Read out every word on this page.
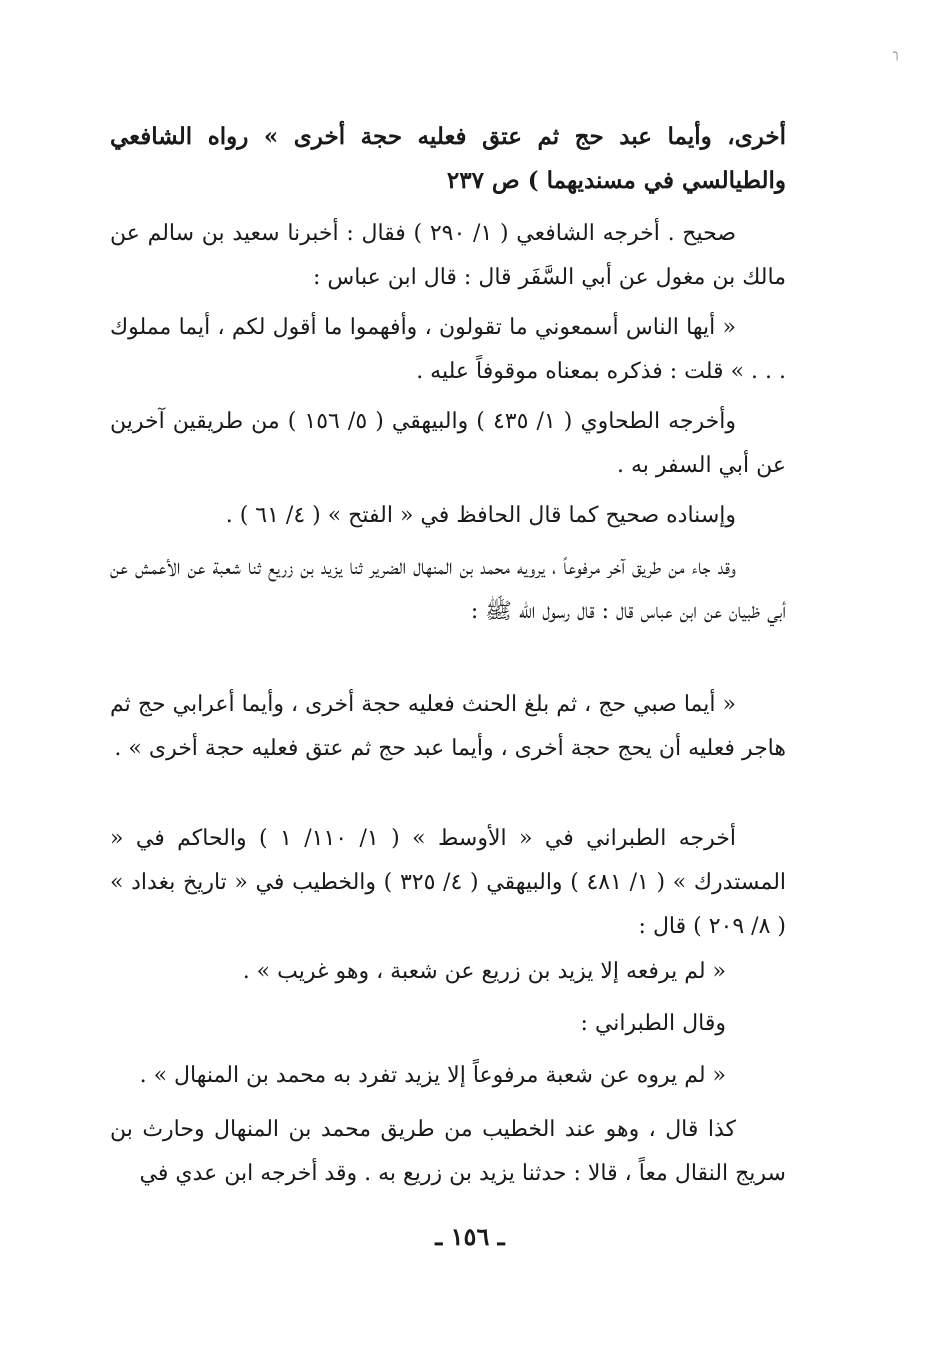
أخرى، وأيما عبد حج ثم عتق فعليه حجة أخرى » رواه الشافعي والطيالسي في مسنديهما ) ص ٢٣٧

صحيح . أخرجه الشافعي ( ١/ ٢٩٠ ) فقال : أخبرنا سعيد بن سالم عن مالك بن مغول عن أبي السَّفَر قال : قال ابن عباس :

« أيها الناس أسمعوني ما تقولون ، وأفهموا ما أقول لكم ، أيما مملوك . . . » قلت : فذكره بمعناه موقوفاً عليه .

وأخرجه الطحاوي ( ١/ ٤٣٥ ) والبيهقي ( ٥/ ١٥٦ ) من طريقين آخرين عن أبي السفر به .

وإسناده صحيح كما قال الحافظ في « الفتح » ( ٤/ ٦١ ) .

وقد جاء من طريق آخر مرفوعاً ، يرويه محمد بن المنهال الضرير ثنا يزيد بن زريع ثنا شعبة عن الأعمش عن أبي ظبيان عن ابن عباس قال : قال رسول الله ﷺ :

« أيما صبي حج ، ثم بلغ الحنث فعليه حجة أخرى ، وأيما أعرابي حج ثم هاجر فعليه أن يحج حجة أخرى ، وأيما عبد حج ثم عتق فعليه حجة أخرى » .

أخرجه الطبراني في « الأوسط » ( ١/ ١١٠/ ١ ) والحاكم في « المستدرك » ( ١/ ٤٨١ ) والبيهقي ( ٤/ ٣٢٥ ) والخطيب في « تاريخ بغداد » ( ٨/ ٢٠٩ ) قال :

« لم يرفعه إلا يزيد بن زريع عن شعبة ، وهو غريب » .

وقال الطبراني :

« لم يروه عن شعبة مرفوعاً إلا يزيد تفرد به محمد بن المنهال » .

كذا قال ، وهو عند الخطيب من طريق محمد بن المنهال وحارث بن سريج النقال معاً ، قالا : حدثنا يزيد بن زريع به . وقد أخرجه ابن عدي في

ـ ١٥٦ ـ
╮
